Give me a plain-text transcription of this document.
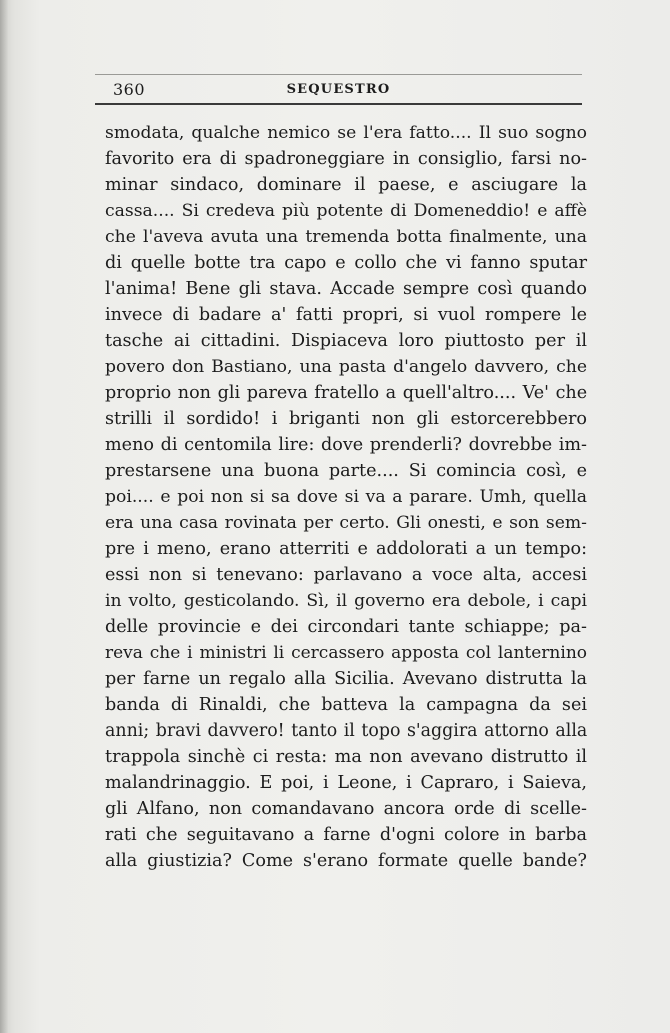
360	SEQUESTRO
smodata, qualche nemico se l'era fatto.... Il suo sogno
favorito era di spadroneggiare in consiglio, farsi no-
minar sindaco, dominare il paese, e asciugare la
cassa.... Si credeva più potente di Domeneddio! e affè
che l'aveva avuta una tremenda botta finalmente, una
di quelle botte tra capo e collo che vi fanno sputar
l'anima! Bene gli stava. Accade sempre così quando
invece di badare a' fatti propri, si vuol rompere le
tasche ai cittadini. Dispiaceva loro piuttosto per il
povero don Bastiano, una pasta d'angelo davvero, che
proprio non gli pareva fratello a quell'altro.... Ve' che
strilli il sordido! i briganti non gli estorcerebbero
meno di centomila lire: dove prenderli? dovrebbe im-
prestarsene una buona parte.... Si comincia così, e
poi.... e poi non si sa dove si va a parare. Umh, quella
era una casa rovinata per certo. Gli onesti, e son sem-
pre i meno, erano atterriti e addolorati a un tempo:
essi non si tenevano: parlavano a voce alta, accesi
in volto, gesticolando. Sì, il governo era debole, i capi
delle provincie e dei circondari tante schiappe; pa-
reva che i ministri li cercassero apposta col lanternino
per farne un regalo alla Sicilia. Avevano distrutta la
banda di Rinaldi, che batteva la campagna da sei
anni; bravi davvero! tanto il topo s'aggira attorno alla
trappola sinchè ci resta: ma non avevano distrutto il
malandrinaggio. E poi, i Leone, i Capraro, i Saieva,
gli Alfano, non comandavano ancora orde di scelle-
rati che seguitavano a farne d'ogni colore in barba
alla giustizia? Come s'erano formate quelle bande?
